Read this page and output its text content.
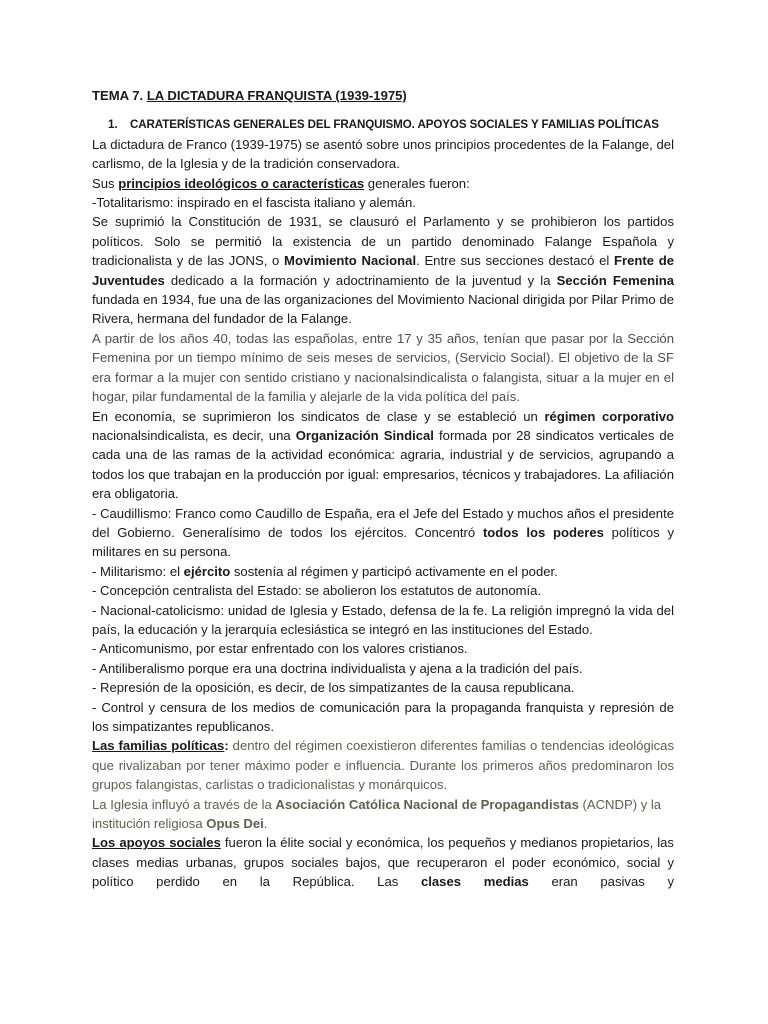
TEMA 7. LA DICTADURA FRANQUISTA (1939-1975)

1. CARATERÍSTICAS GENERALES DEL FRANQUISMO. APOYOS SOCIALES Y FAMILIAS POLÍTICAS

La dictadura de Franco (1939-1975) se asentó sobre unos principios procedentes de la Falange, del carlismo, de la Iglesia y de la tradición conservadora.

Sus principios ideológicos o características generales fueron:

-Totalitarismo: inspirado en el fascista italiano y alemán.

Se suprimió la Constitución de 1931, se clausuró el Parlamento y se prohibieron los partidos políticos. Solo se permitió la existencia de un partido denominado Falange Española y tradicionalista y de las JONS, o Movimiento Nacional. Entre sus secciones destacó el Frente de Juventudes dedicado a la formación y adoctrinamiento de la juventud y la Sección Femenina fundada en 1934, fue una de las organizaciones del Movimiento Nacional dirigida por Pilar Primo de Rivera, hermana del fundador de la Falange.

A partir de los años 40, todas las españolas, entre 17 y 35 años, tenían que pasar por la Sección Femenina por un tiempo mínimo de seis meses de servicios, (Servicio Social). El objetivo de la SF era formar a la mujer con sentido cristiano y nacionalsindicalista o falangista, situar a la mujer en el hogar, pilar fundamental de la familia y alejarle de la vida política del país.

En economía, se suprimieron los sindicatos de clase y se estableció un régimen corporativo nacionalsindicalista, es decir, una Organización Sindical formada por 28 sindicatos verticales de cada una de las ramas de la actividad económica: agraria, industrial y de servicios, agrupando a todos los que trabajan en la producción por igual: empresarios, técnicos y trabajadores. La afiliación era obligatoria.

- Caudillismo: Franco como Caudillo de España, era el Jefe del Estado y muchos años el presidente del Gobierno. Generalísimo de todos los ejércitos. Concentró todos los poderes políticos y militares en su persona.

- Militarismo: el ejército sostenía al régimen y participó activamente en el poder.

- Concepción centralista del Estado: se abolieron los estatutos de autonomía.

- Nacional-catolicismo: unidad de Iglesia y Estado, defensa de la fe. La religión impregnó la vida del país, la educación y la jerarquía eclesiástica se integró en las instituciones del Estado.

- Anticomunismo, por estar enfrentado con los valores cristianos.

- Antiliberalismo porque era una doctrina individualista y ajena a la tradición del país.

- Represión de la oposición, es decir, de los simpatizantes de la causa republicana.

- Control y censura de los medios de comunicación para la propaganda franquista y represión de los simpatizantes republicanos.

Las familias políticas: dentro del régimen coexistieron diferentes familias o tendencias ideológicas que rivalizaban por tener máximo poder e influencia. Durante los primeros años predominaron los grupos falangistas, carlistas o tradicionalistas y monárquicos.

La Iglesia influyó a través de la Asociación Católica Nacional de Propagandistas (ACNDP) y la institución religiosa Opus Dei.

Los apoyos sociales fueron la élite social y económica, los pequeños y medianos propietarios, las clases medias urbanas, grupos sociales bajos, que recuperaron el poder económico, social y político perdido en la República. Las clases medias eran pasivas y
